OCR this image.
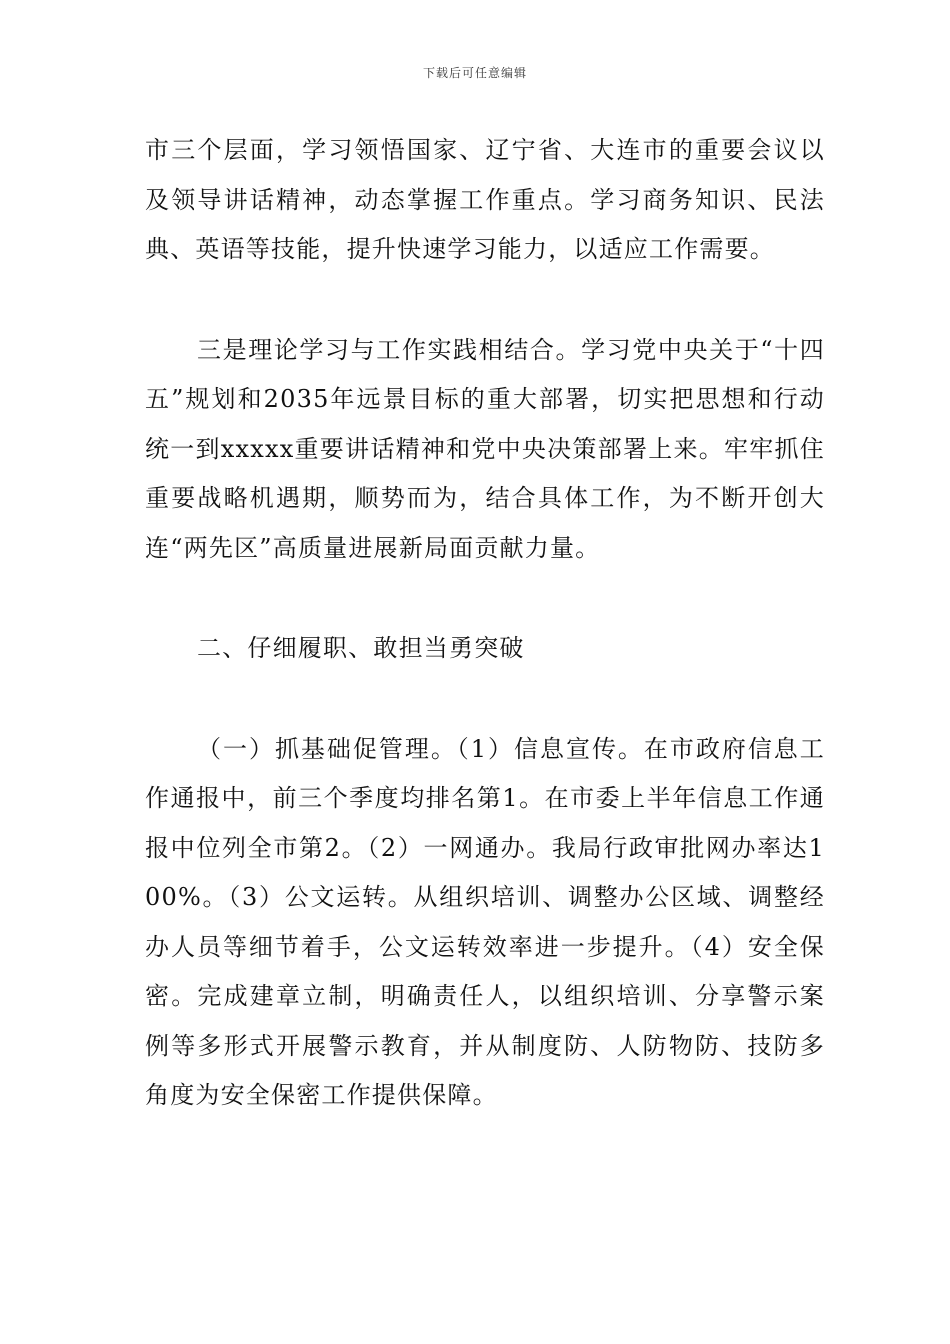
下载后可任意编辑

市三个层面，学习领悟国家、辽宁省、大连市的重要会议以及领导讲话精神，动态掌握工作重点。学习商务知识、民法典、英语等技能，提升快速学习能力，以适应工作需要。

三是理论学习与工作实践相结合。学习党中央关于“十四五”规划和2035年远景目标的重大部署，切实把思想和行动统一到xxxxx重要讲话精神和党中央决策部署上来。牢牢抓住重要战略机遇期，顺势而为，结合具体工作，为不断开创大连“两先区”高质量进展新局面贡献力量。

二、仔细履职、敢担当勇突破

（一）抓基础促管理。（1）信息宣传。在市政府信息工作通报中，前三个季度均排名第1。在市委上半年信息工作通报中位列全市第2。（2）一网通办。我局行政审批网办率达100%。（3）公文运转。从组织培训、调整办公区域、调整经办人员等细节着手，公文运转效率进一步提升。（4）安全保密。完成建章立制，明确责任人，以组织培训、分享警示案例等多形式开展警示教育，并从制度防、人防物防、技防多角度为安全保密工作提供保障。
